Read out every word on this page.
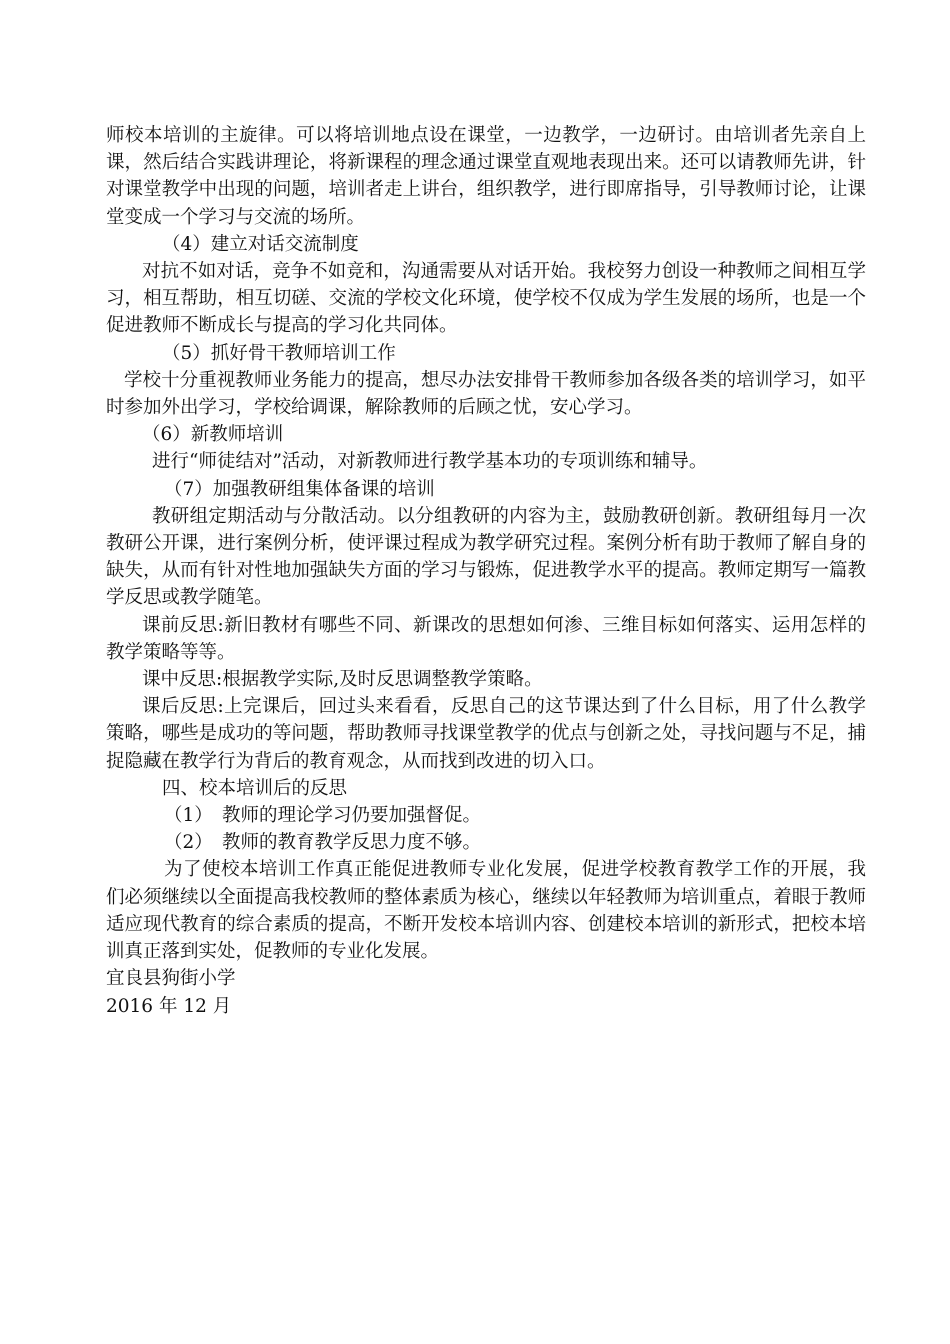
师校本培训的主旋律。可以将培训地点设在课堂，一边教学，一边研讨。由培训者先亲自上课，然后结合实践讲理论，将新课程的理念通过课堂直观地表现出来。还可以请教师先讲，针对课堂教学中出现的问题，培训者走上讲台，组织教学，进行即席指导，引导教师讨论，让课堂变成一个学习与交流的场所。

（4）建立对话交流制度

对抗不如对话，竞争不如竞和，沟通需要从对话开始。我校努力创设一种教师之间相互学习，相互帮助，相互切磋、交流的学校文化环境，使学校不仅成为学生发展的场所，也是一个促进教师不断成长与提高的学习化共同体。

（5）抓好骨干教师培训工作

学校十分重视教师业务能力的提高，想尽办法安排骨干教师参加各级各类的培训学习，如平时参加外出学习，学校给调课，解除教师的后顾之忧，安心学习。

（6）新教师培训

进行“师徒结对”活动，对新教师进行教学基本功的专项训练和辅导。

（7）加强教研组集体备课的培训

教研组定期活动与分散活动。以分组教研的内容为主，鼓励教研创新。教研组每月一次教研公开课，进行案例分析，使评课过程成为教学研究过程。案例分析有助于教师了解自身的缺失，从而有针对性地加强缺失方面的学习与锻炼，促进教学水平的提高。教师定期写一篇教学反思或教学随笔。

课前反思:新旧教材有哪些不同、新课改的思想如何渗、三维目标如何落实、运用怎样的教学策略等等。

课中反思:根据教学实际,及时反思调整教学策略。

课后反思:上完课后，回过头来看看，反思自己的这节课达到了什么目标，用了什么教学策略，哪些是成功的等问题，帮助教师寻找课堂教学的优点与创新之处，寻找问题与不足，捕捉隐藏在教学行为背后的教育观念，从而找到改进的切入口。

四、校本培训后的反思

（1）　教师的理论学习仍要加强督促。

（2）　教师的教育教学反思力度不够。

为了使校本培训工作真正能促进教师专业化发展，促进学校教育教学工作的开展，我们必须继续以全面提高我校教师的整体素质为核心，继续以年轻教师为培训重点，着眼于教师适应现代教育的综合素质的提高，不断开发校本培训内容、创建校本培训的新形式，把校本培训真正落到实处，促教师的专业化发展。

宜良县狗街小学

2016 年 12 月
